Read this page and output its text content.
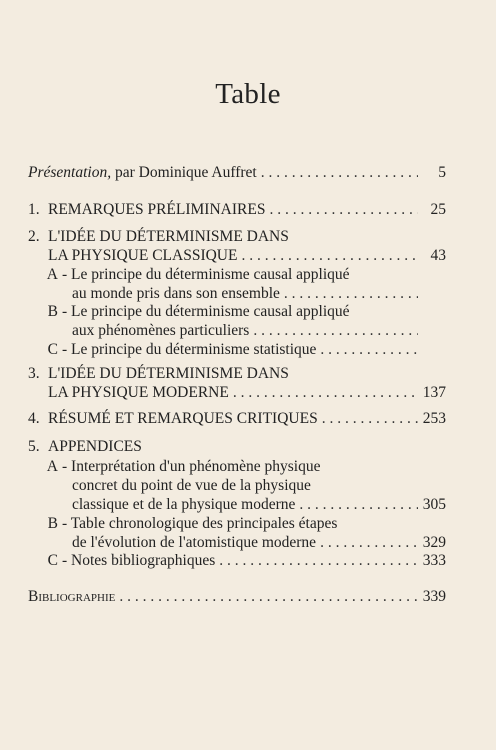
Table
Présentation, par Dominique Auffret . . .	5
1. REMARQUES PRÉLIMINAIRES . . .	25
2. L'IDÉE DU DÉTERMINISME DANS
LA PHYSIQUE CLASSIQUE . . .	43
A - Le principe du déterminisme causal appliqué
au monde pris dans son ensemble
. . .
B - Le principe du déterminisme causal appliqué
aux phénomènes particuliers
. . .
C - Le principe du déterminisme statistique
. . .
3. L'IDÉE DU DÉTERMINISME DANS
LA PHYSIQUE MODERNE . . .	137
4. RÉSUMÉ ET REMARQUES CRITIQUES . . .	253
5. APPENDICES
A - Interprétation d'un phénomène physique
concret du point de vue de la physique
classique et de la physique moderne . . .	305
B - Table chronologique des principales étapes
de l'évolution de l'atomistique moderne . . .	329
C - Notes bibliographiques . . .	333
Bibliographie . . .	339
